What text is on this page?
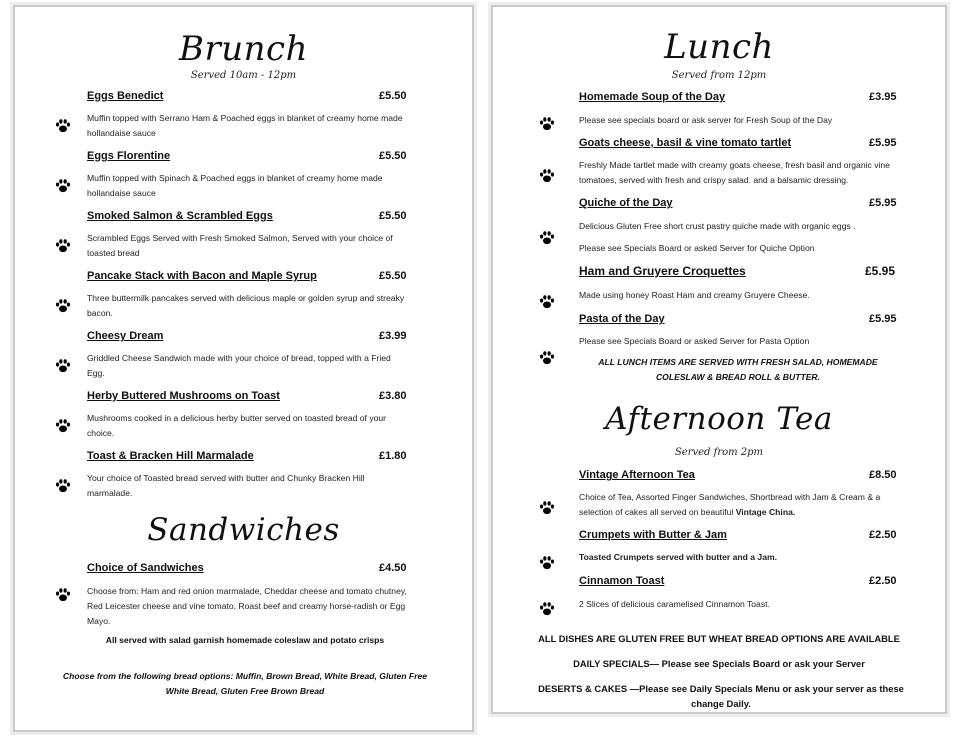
Brunch
Served 10am - 12pm
Eggs Benedict	£5.50
Muffin topped with Serrano Ham & Poached eggs in blanket of creamy home made hollandaise sauce
Eggs Florentine	£5.50
Muffin topped with Spinach & Poached eggs in blanket of creamy home made hollandaise sauce
Smoked Salmon & Scrambled Eggs	£5.50
Scrambled Eggs Served with Fresh Smoked Salmon, Served with your choice of toasted bread
Pancake Stack with Bacon and Maple Syrup	£5.50
Three buttermilk pancakes served with delicious maple or golden syrup and streaky bacon.
Cheesy Dream	£3.99
Griddled Cheese Sandwich made with your choice of bread, topped with a Fried Egg.
Herby Buttered Mushrooms on Toast	£3.80
Mushrooms cooked in a delicious herby butter served on toasted bread of your choice.
Toast & Bracken Hill Marmalade	£1.80
Your choice of Toasted bread served with butter and Chunky Bracken Hill marmalade.
Sandwiches
Choice of Sandwiches	£4.50
Choose from: Ham and red onion marmalade, Cheddar cheese and tomato chutney, Red Leicester cheese and vine tomato, Roast beef and creamy horse-radish or Egg Mayo.
All served with salad garnish homemade coleslaw and potato crisps
Choose from the following bread options: Muffin, Brown Bread, White Bread, Gluten Free White Bread, Gluten Free Brown Bread
Lunch
Served from 12pm
Homemade Soup of the Day	£3.95
Please see specials board or ask server for Fresh Soup of the Day
Goats cheese, basil & vine tomato tartlet	£5.95
Freshly Made tartlet made with creamy goats cheese, fresh basil and organic vine tomatoes, served with fresh and crispy salad. and a balsamic dressing.
Quiche of the Day	£5.95
Delicious Gluten Free short crust pastry quiche made with organic eggs .
Please see Specials Board or asked Server for Quiche Option
Ham and Gruyere Croquettes	£5.95
Made using honey Roast Ham and creamy Gruyere Cheese.
Pasta of the Day	£5.95
Please see Specials Board or asked Server for Pasta Option
ALL LUNCH ITEMS ARE SERVED WITH FRESH SALAD, HOMEMADE COLESLAW & BREAD ROLL & BUTTER.
Afternoon Tea
Served from 2pm
Vintage Afternoon Tea	£8.50
Choice of Tea, Assorted Finger Sandwiches, Shortbread with Jam & Cream & a selection of cakes all served on beautiful Vintage China.
Crumpets with Butter & Jam	£2.50
Toasted Crumpets served with butter and a Jam.
Cinnamon Toast	£2.50
2 Slices of delicious caramelised Cinnamon Toast.
ALL DISHES ARE GLUTEN FREE BUT WHEAT BREAD OPTIONS ARE AVAILABLE
DAILY SPECIALS— Please see Specials Board or ask your Server
DESERTS & CAKES —Please see Daily Specials Menu or ask your server as these change Daily.
